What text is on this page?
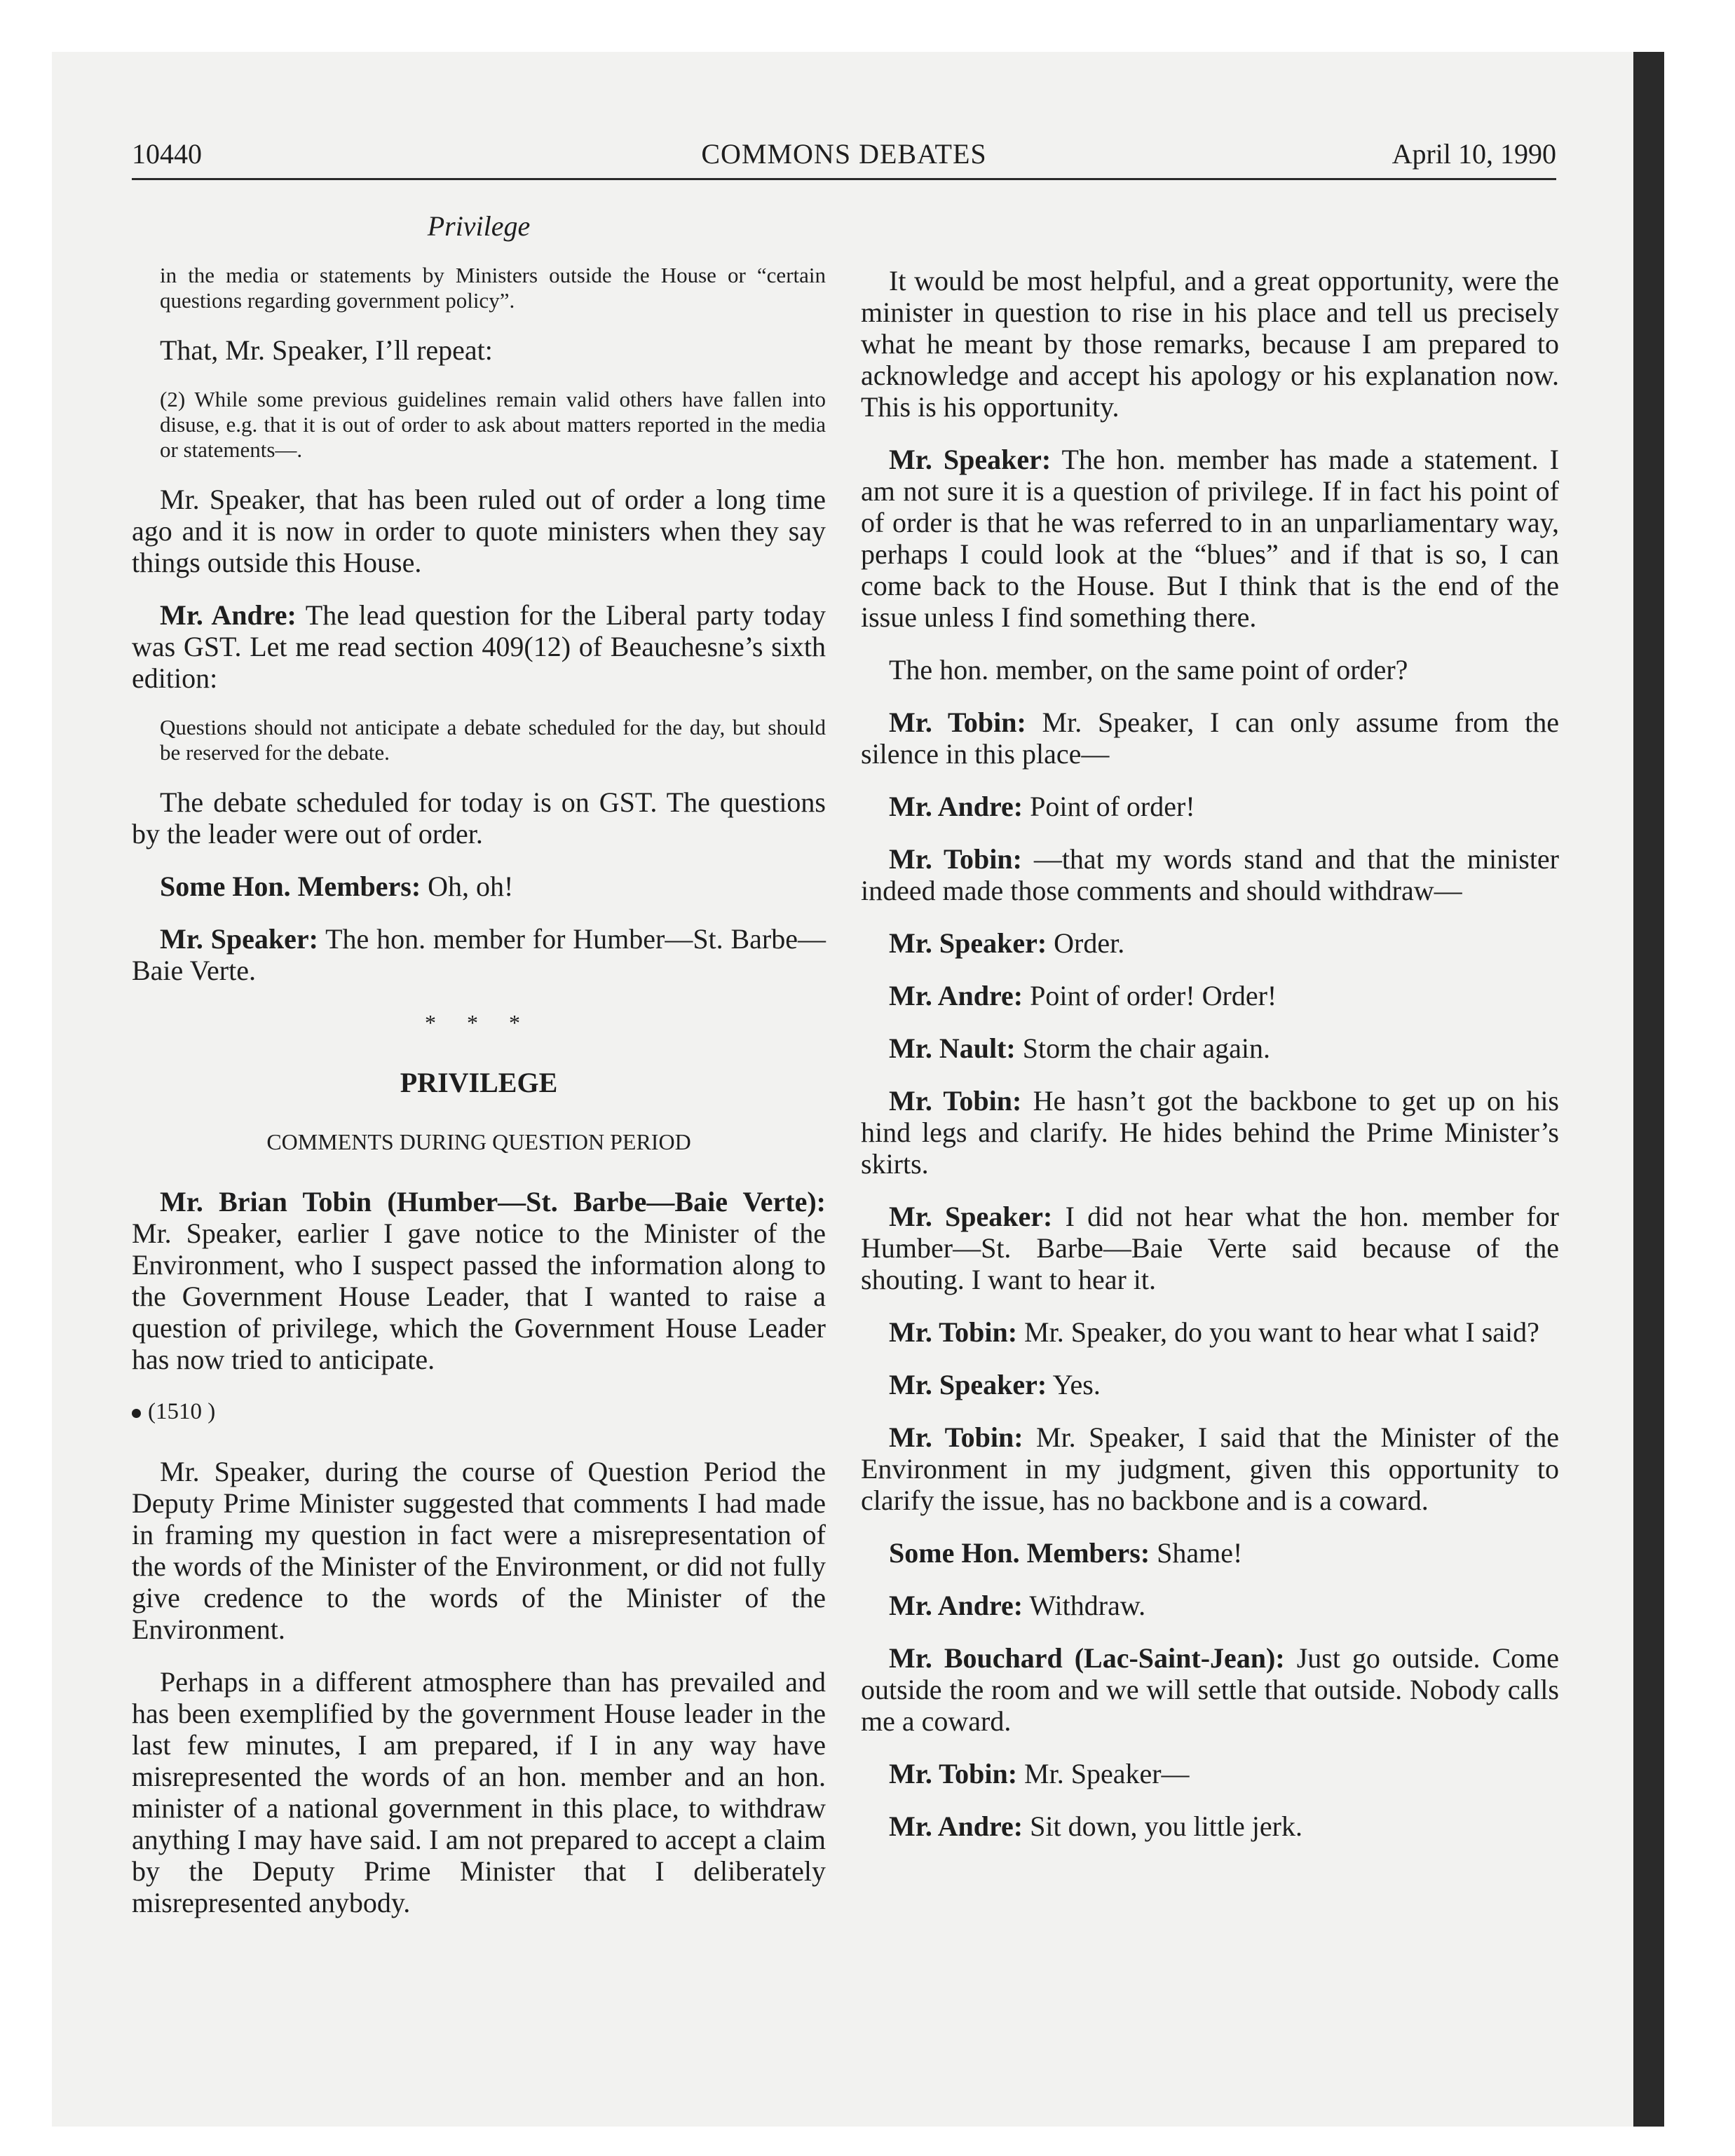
10440	COMMONS DEBATES	April 10, 1990
Privilege
in the media or statements by Ministers outside the House or “certain questions regarding government policy”.

That, Mr. Speaker, I’ll repeat:

(2) While some previous guidelines remain valid others have fallen into disuse, e.g. that it is out of order to ask about matters reported in the media or statements—.

Mr. Speaker, that has been ruled out of order a long time ago and it is now in order to quote ministers when they say things outside this House.

Mr. Andre: The lead question for the Liberal party today was GST. Let me read section 409(12) of Beauchesne’s sixth edition:

Questions should not anticipate a debate scheduled for the day, but should be reserved for the debate.

The debate scheduled for today is on GST. The questions by the leader were out of order.

Some Hon. Members: Oh, oh!

Mr. Speaker: The hon. member for Humber—St. Barbe—Baie Verte.

* * *
PRIVILEGE
COMMENTS DURING QUESTION PERIOD

Mr. Brian Tobin (Humber—St. Barbe—Baie Verte): Mr. Speaker, earlier I gave notice to the Minister of the Environment, who I suspect passed the information along to the Government House Leader, that I wanted to raise a question of privilege, which the Government House Leader has now tried to anticipate.

(1510 )

Mr. Speaker, during the course of Question Period the Deputy Prime Minister suggested that comments I had made in framing my question in fact were a misrepresentation of the words of the Minister of the Environment, or did not fully give credence to the words of the Minister of the Environment.

Perhaps in a different atmosphere than has prevailed and has been exemplified by the government House leader in the last few minutes, I am prepared, if I in any way have misrepresented the words of an hon. member and an hon. minister of a national government in this place, to withdraw anything I may have said. I am not prepared to accept a claim by the Deputy Prime Minister that I deliberately misrepresented anybody.

It would be most helpful, and a great opportunity, were the minister in question to rise in his place and tell us precisely what he meant by those remarks, because I am prepared to acknowledge and accept his apology or his explanation now. This is his opportunity.

Mr. Speaker: The hon. member has made a statement. I am not sure it is a question of privilege. If in fact his point of of order is that he was referred to in an unparliamentary way, perhaps I could look at the “blues” and if that is so, I can come back to the House. But I think that is the end of the issue unless I find something there.

The hon. member, on the same point of order?

Mr. Tobin: Mr. Speaker, I can only assume from the silence in this place—

Mr. Andre: Point of order!

Mr. Tobin: —that my words stand and that the minister indeed made those comments and should withdraw—

Mr. Speaker: Order.

Mr. Andre: Point of order! Order!

Mr. Nault: Storm the chair again.

Mr. Tobin: He hasn’t got the backbone to get up on his hind legs and clarify. He hides behind the Prime Minister’s skirts.

Mr. Speaker: I did not hear what the hon. member for Humber—St. Barbe—Baie Verte said because of the shouting. I want to hear it.

Mr. Tobin: Mr. Speaker, do you want to hear what I said?

Mr. Speaker: Yes.

Mr. Tobin: Mr. Speaker, I said that the Minister of the Environment in my judgment, given this opportunity to clarify the issue, has no backbone and is a coward.

Some Hon. Members: Shame!

Mr. Andre: Withdraw.

Mr. Bouchard (Lac-Saint-Jean): Just go outside. Come outside the room and we will settle that outside. Nobody calls me a coward.

Mr. Tobin: Mr. Speaker—

Mr. Andre: Sit down, you little jerk.
